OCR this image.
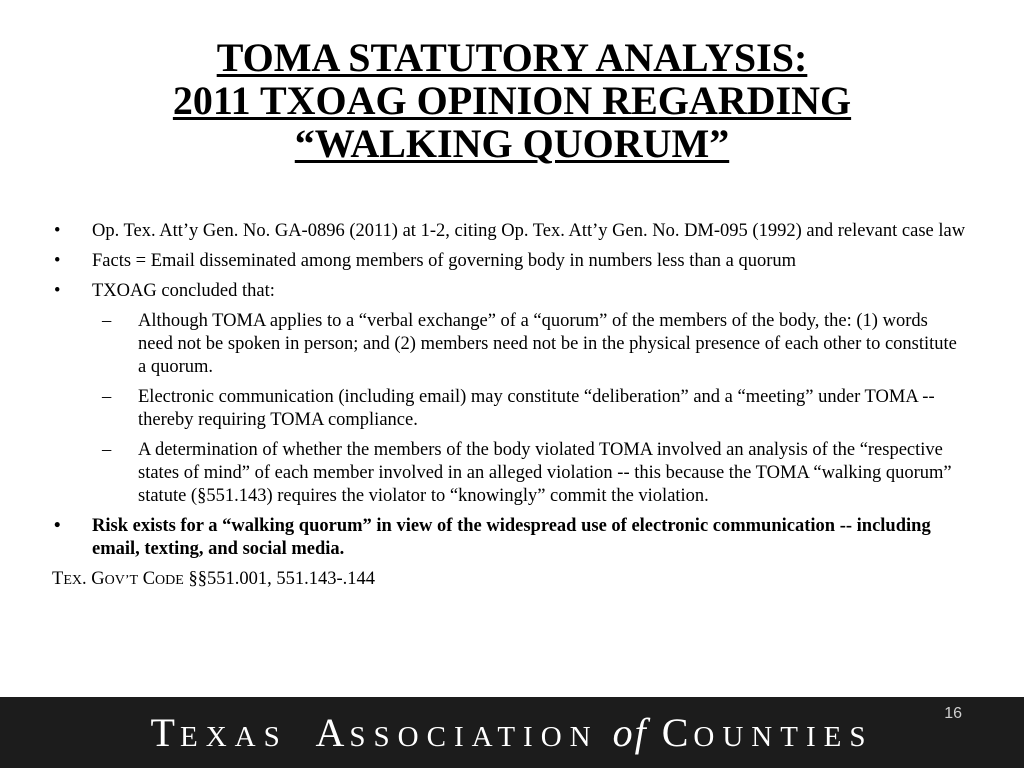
TOMA STATUTORY ANALYSIS:
2011 TXOAG OPINION REGARDING
“WALKING QUORUM”
• Op. Tex. Att’y Gen. No. GA-0896 (2011) at 1-2, citing Op. Tex. Att’y Gen. No. DM-095 (1992) and relevant case law
• Facts = Email disseminated among members of governing body in numbers less than a quorum
• TXOAG concluded that:
– Although TOMA applies to a “verbal exchange” of a “quorum” of the members of the body, the: (1) words need not be spoken in person; and (2) members need not be in the physical presence of each other to constitute a quorum.
– Electronic communication (including email) may constitute “deliberation” and a “meeting” under TOMA -- thereby requiring TOMA compliance.
– A determination of whether the members of the body violated TOMA involved an analysis of the “respective states of mind” of each member involved in an alleged violation -- this because the TOMA “walking quorum” statute (§551.143) requires the violator to “knowingly” commit the violation.
• Risk exists for a “walking quorum” in view of the widespread use of electronic communication -- including email, texting, and social media.
TEX. GOV’T CODE §§551.001, 551.143-.144
TEXAS ASSOCIATION of COUNTIES
16
